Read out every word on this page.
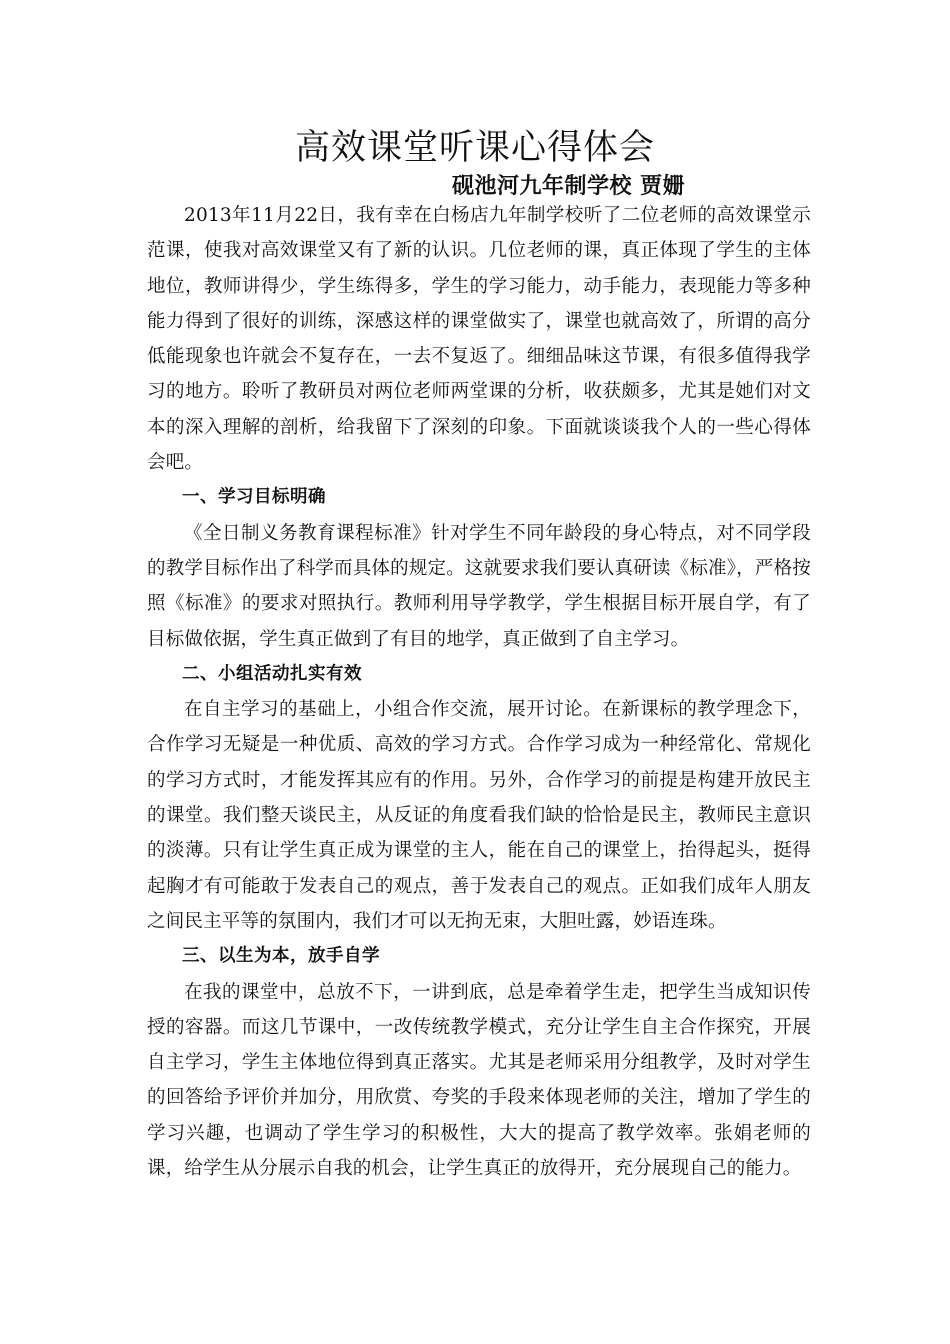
高效课堂听课心得体会
砚池河九年制学校 贾姗

2013年11月22日，我有幸在白杨店九年制学校听了二位老师的高效课堂示范课，使我对高效课堂又有了新的认识。几位老师的课，真正体现了学生的主体地位，教师讲得少，学生练得多，学生的学习能力，动手能力，表现能力等多种能力得到了很好的训练，深感这样的课堂做实了，课堂也就高效了，所谓的高分低能现象也许就会不复存在，一去不复返了。细细品味这节课，有很多值得我学习的地方。聆听了教研员对两位老师两堂课的分析，收获颇多，尤其是她们对文本的深入理解的剖析，给我留下了深刻的印象。下面就谈谈我个人的一些心得体会吧。

一、学习目标明确

《全日制义务教育课程标准》针对学生不同年龄段的身心特点，对不同学段的教学目标作出了科学而具体的规定。这就要求我们要认真研读《标准》，严格按照《标准》的要求对照执行。教师利用导学教学，学生根据目标开展自学，有了目标做依据，学生真正做到了有目的地学，真正做到了自主学习。

二、小组活动扎实有效

在自主学习的基础上，小组合作交流，展开讨论。在新课标的教学理念下，合作学习无疑是一种优质、高效的学习方式。合作学习成为一种经常化、常规化的学习方式时，才能发挥其应有的作用。另外，合作学习的前提是构建开放民主的课堂。我们整天谈民主，从反证的角度看我们缺的恰恰是民主，教师民主意识的淡薄。只有让学生真正成为课堂的主人，能在自己的课堂上，抬得起头，挺得起胸才有可能敢于发表自己的观点，善于发表自己的观点。正如我们成年人朋友之间民主平等的氛围内，我们才可以无拘无束，大胆吐露，妙语连珠。

三、以生为本，放手自学

在我的课堂中，总放不下，一讲到底，总是牵着学生走，把学生当成知识传授的容器。而这几节课中，一改传统教学模式，充分让学生自主合作探究，开展自主学习，学生主体地位得到真正落实。尤其是老师采用分组教学，及时对学生的回答给予评价并加分，用欣赏、夸奖的手段来体现老师的关注，增加了学生的学习兴趣，也调动了学生学习的积极性，大大的提高了教学效率。张娟老师的课，给学生从分展示自我的机会，让学生真正的放得开，充分展现自己的能力。
